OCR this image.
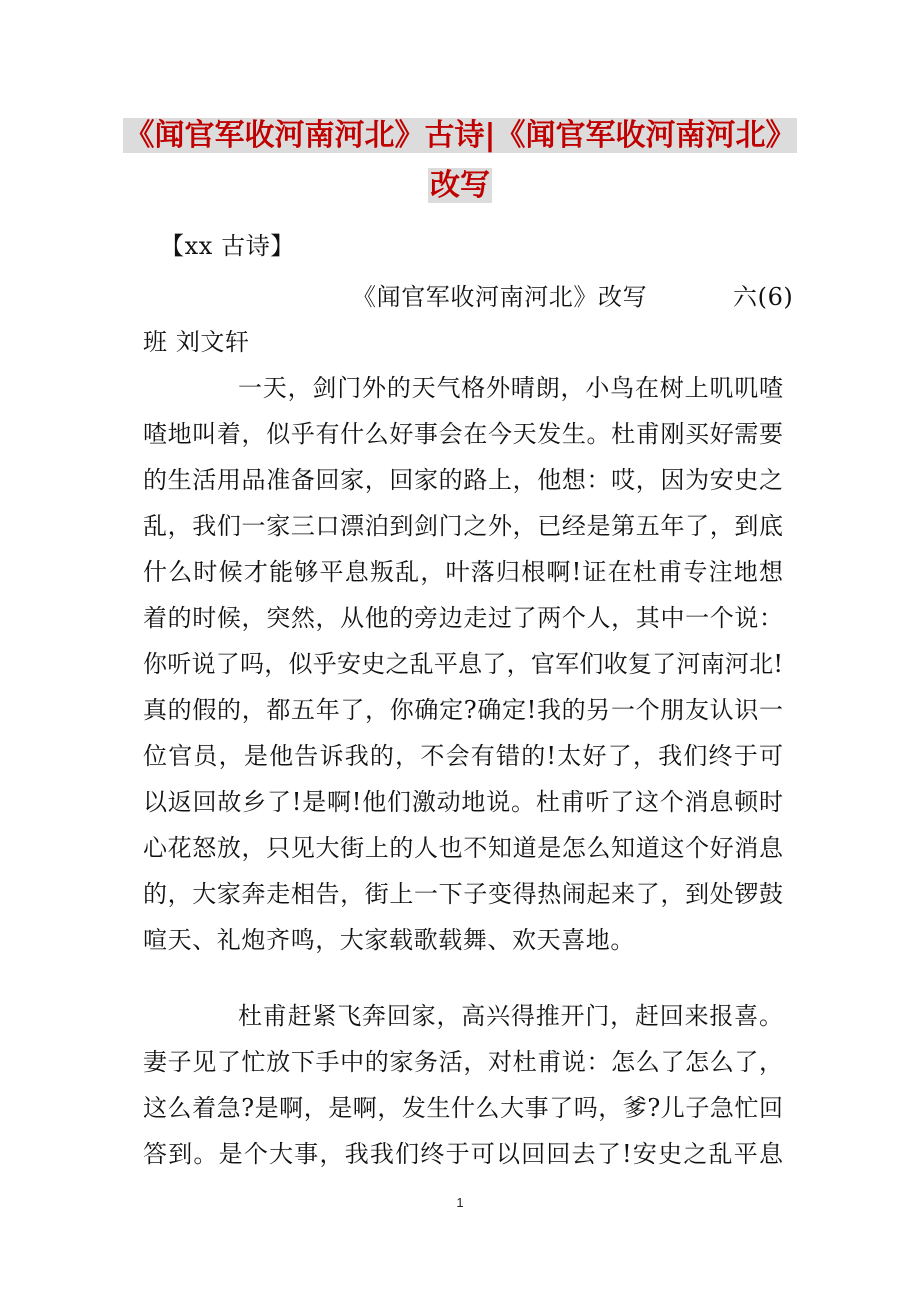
《闻官军收河南河北》古诗|《闻官军收河南河北》
改写
【xx 古诗】
《闻官军收河南河北》改写	六(6)
班 刘文轩
一天，剑门外的天气格外晴朗，小鸟在树上叽叽喳
喳地叫着，似乎有什么好事会在今天发生。杜甫刚买好需要
的生活用品准备回家，回家的路上，他想：哎，因为安史之
乱，我们一家三口漂泊到剑门之外，已经是第五年了，到底
什么时候才能够平息叛乱，叶落归根啊!证在杜甫专注地想
着的时候，突然，从他的旁边走过了两个人，其中一个说：
你听说了吗，似乎安史之乱平息了，官军们收复了河南河北!
真的假的，都五年了，你确定?确定!我的另一个朋友认识一
位官员，是他告诉我的，不会有错的!太好了，我们终于可
以返回故乡了!是啊!他们激动地说。杜甫听了这个消息顿时
心花怒放，只见大街上的人也不知道是怎么知道这个好消息
的，大家奔走相告，街上一下子变得热闹起来了，到处锣鼓
喧天、礼炮齐鸣，大家载歌载舞、欢天喜地。
杜甫赶紧飞奔回家，高兴得推开门，赶回来报喜。
妻子见了忙放下手中的家务活，对杜甫说：怎么了怎么了，
这么着急?是啊，是啊，发生什么大事了吗，爹?儿子急忙回
答到。是个大事，我我们终于可以回回去了!安史之乱平息
1
